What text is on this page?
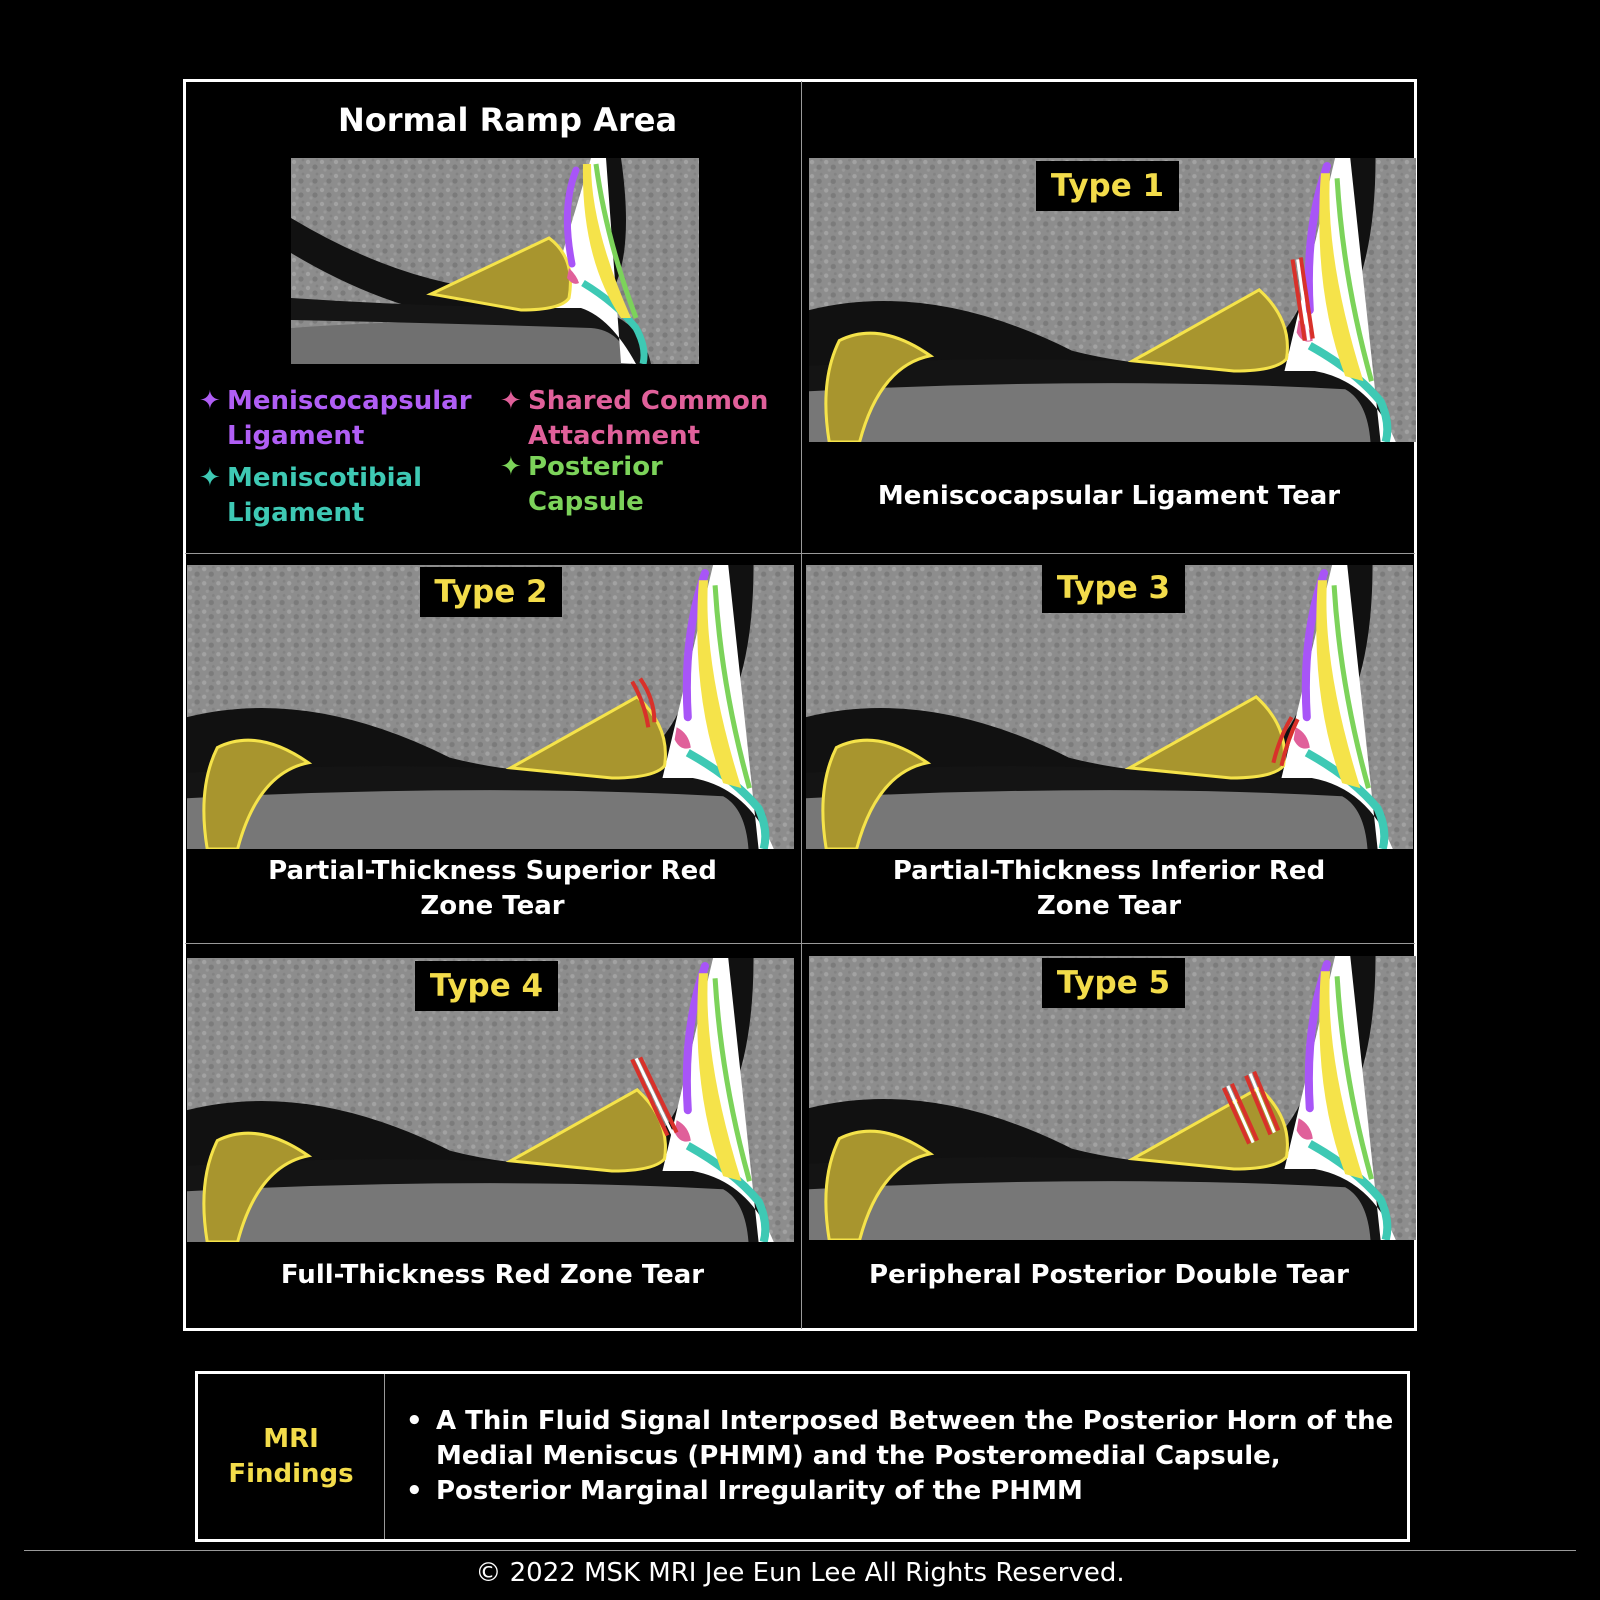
Normal Ramp Area
✦ Meniscocapsular
Ligament
✦ Shared Common
Attachment
✦ Meniscotibial
Ligament
✦ Posterior
Capsule
Type 1
Type 2	Type 3
Type 4	Type 5
Meniscocapsular Ligament Tear
Partial-Thickness Superior Red
Zone Tear
Partial-Thickness Inferior Red
Zone Tear
Full-Thickness Red Zone Tear	Peripheral Posterior Double Tear
MRI
Findings
• A Thin Fluid Signal Interposed Between the Posterior Horn of the Medial Meniscus (PHMM) and the Posteromedial Capsule,
• Posterior Marginal Irregularity of the PHMM
© 2022 MSK MRI Jee Eun Lee All Rights Reserved.
